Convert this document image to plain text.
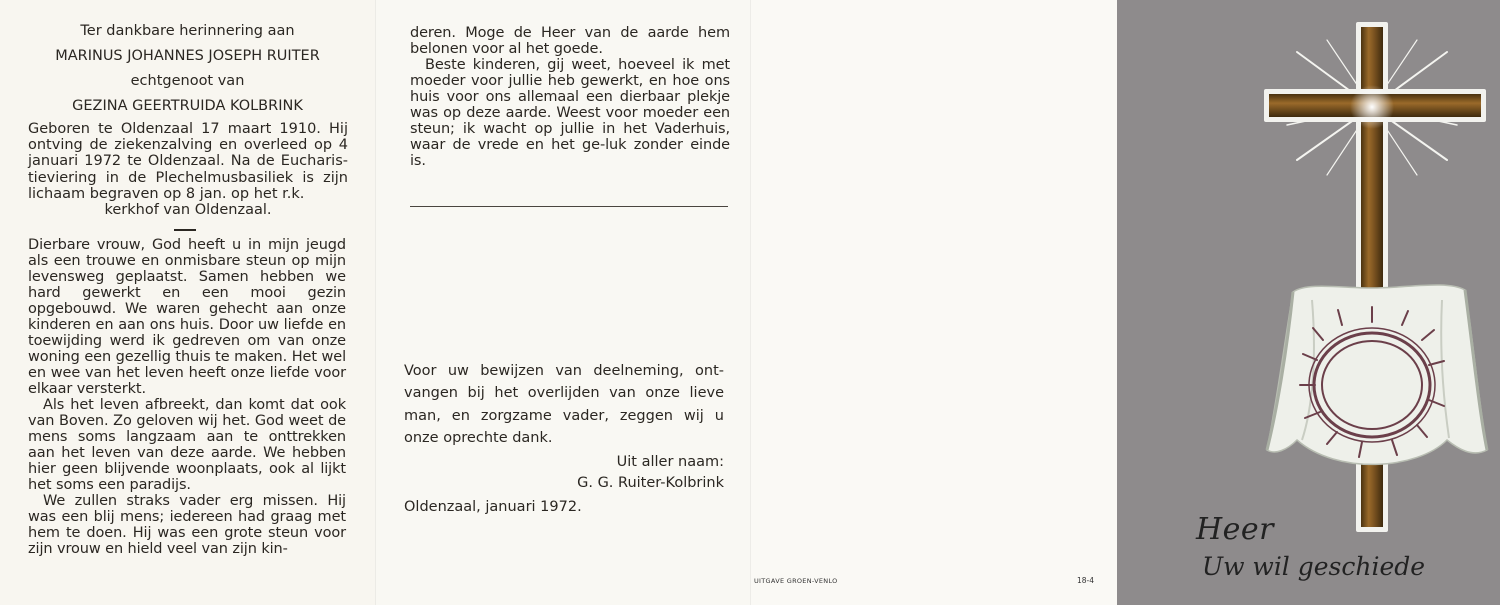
Ter dankbare herinnering aan
MARINUS JOHANNES JOSEPH RUITER
echtgenoot van
GEZINA GEERTRUIDA KOLBRINK
Geboren te Oldenzaal 17 maart 1910. Hij ontving de ziekenzalving en overleed op 4 januari 1972 te Oldenzaal. Na de Eucharis-tieviering in de Plechelmusbasiliek is zijn lichaam begraven op 8 jan. op het r.k.
kerkhof van Oldenzaal.

Dierbare vrouw, God heeft u in mijn jeugd als een trouwe en onmisbare steun op mijn levensweg geplaatst. Samen hebben we hard gewerkt en een mooi gezin opgebouwd. We waren gehecht aan onze kinderen en aan ons huis. Door uw liefde en toewijding werd ik gedreven om van onze woning een gezellig thuis te maken. Het wel en wee van het leven heeft onze liefde voor elkaar versterkt.

Als het leven afbreekt, dan komt dat ook van Boven. Zo geloven wij het. God weet de mens soms langzaam aan te onttrekken aan het leven van deze aarde. We hebben hier geen blijvende woonplaats, ook al lijkt het soms een paradijs.

We zullen straks vader erg missen. Hij was een blij mens; iedereen had graag met hem te doen. Hij was een grote steun voor zijn vrouw en hield veel van zijn kin-

deren. Moge de Heer van de aarde hem belonen voor al het goede.

Beste kinderen, gij weet, hoeveel ik met moeder voor jullie heb gewerkt, en hoe ons huis voor ons allemaal een dierbaar plekje was op deze aarde. Weest voor moeder een steun; ik wacht op jullie in het Vaderhuis, waar de vrede en het ge-luk zonder einde is.

Voor uw bewijzen van deelneming, ont-vangen bij het overlijden van onze lieve man, en zorgzame vader, zeggen wij u onze oprechte dank.
Uit aller naam:
G. G. Ruiter-Kolbrink
Oldenzaal, januari 1972.
UITGAVE GROEN-VENLO	18-4
Heer
Uw wil geschiede
